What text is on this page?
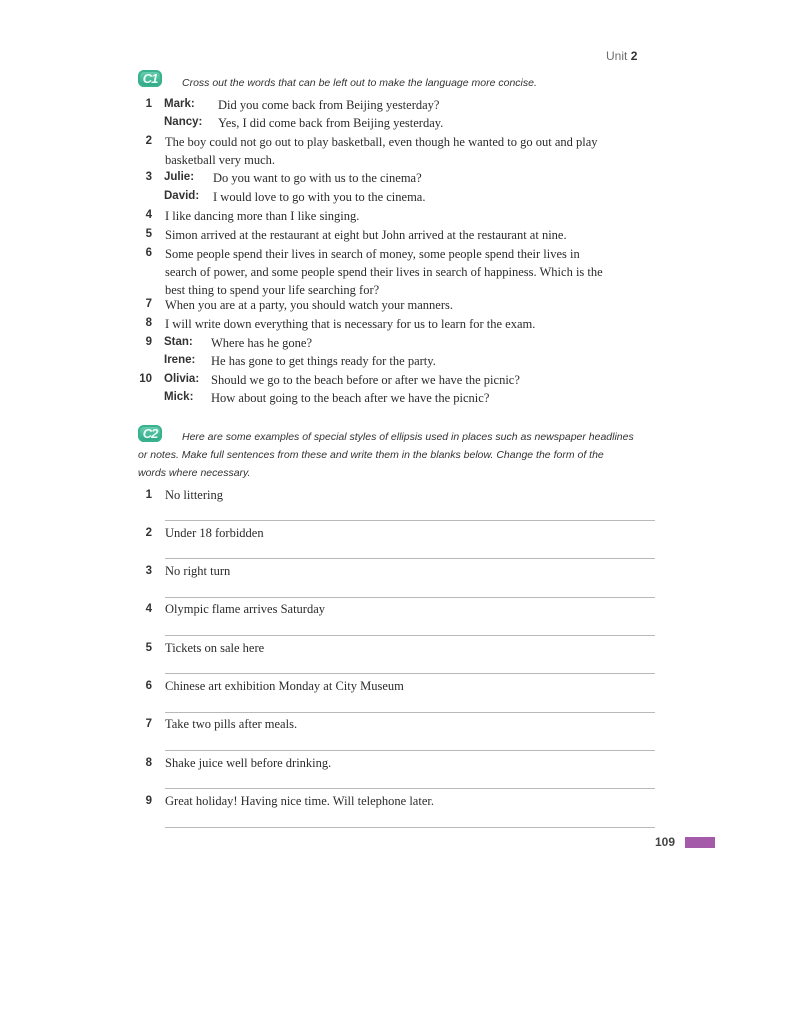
Unit 2
C1	Cross out the words that can be left out to make the language more concise.
1 Mark: Did you come back from Beijing yesterday?
Nancy: Yes, I did come back from Beijing yesterday.
2 The boy could not go out to play basketball, even though he wanted to go out and play
basketball very much.
3 Julie: Do you want to go with us to the cinema?
David: I would love to go with you to the cinema.
4 I like dancing more than I like singing.
5 Simon arrived at the restaurant at eight but John arrived at the restaurant at nine.
6 Some people spend their lives in search of money, some people spend their lives in
search of power, and some people spend their lives in search of happiness. Which is the
best thing to spend your life searching for?
7 When you are at a party, you should watch your manners.
8 I will write down everything that is necessary for us to learn for the exam.
9 Stan: Where has he gone?
Irene: He has gone to get things ready for the party.
10 Olivia: Should we go to the beach before or after we have the picnic?
Mick: How about going to the beach after we have the picnic?
C2	Here are some examples of special styles of ellipsis used in places such as newspaper headlines
or notes. Make full sentences from these and write them in the blanks below. Change the form of the
words where necessary.
1 No littering
2 Under 18 forbidden
3 No right turn
4 Olympic flame arrives Saturday
5 Tickets on sale here
6 Chinese art exhibition Monday at City Museum
7 Take two pills after meals.
8 Shake juice well before drinking.
9 Great holiday! Having nice time. Will telephone later.
109
